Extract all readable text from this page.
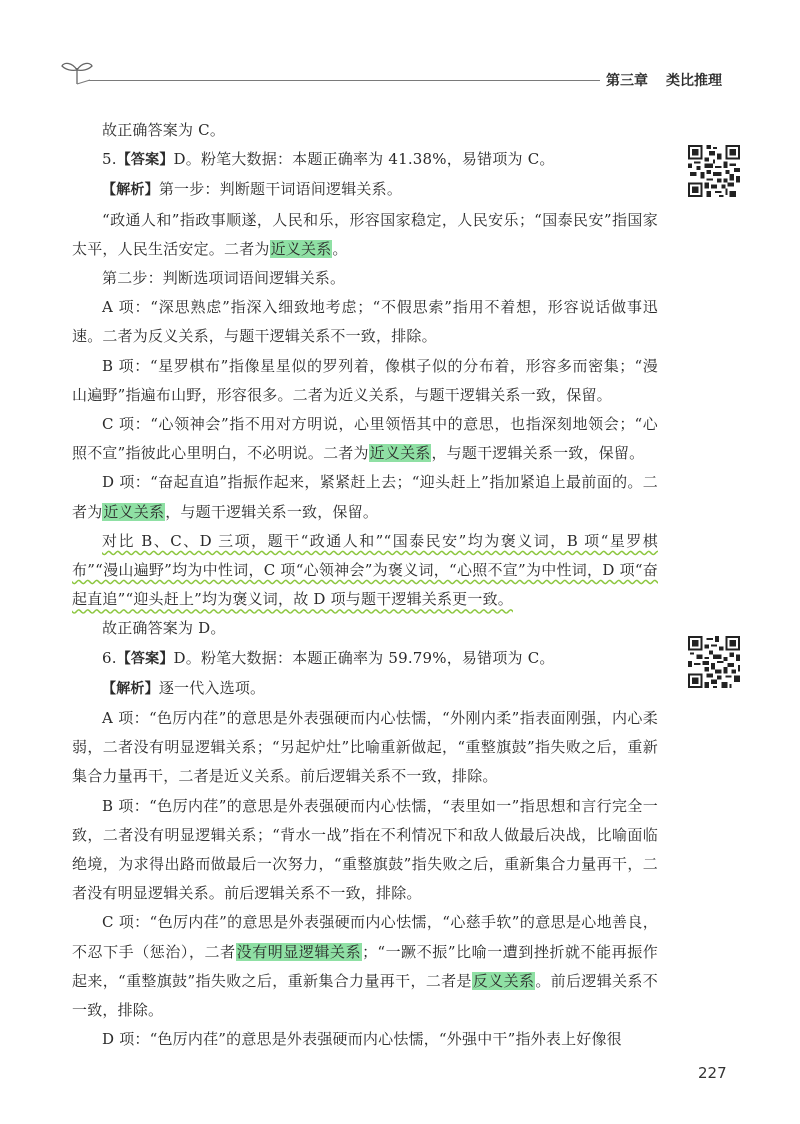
第三章 类比推理

故正确答案为 C。

5.【答案】D。粉笔大数据：本题正确率为 41.38%，易错项为 C。

【解析】第一步：判断题干词语间逻辑关系。

“政通人和”指政事顺遂，人民和乐，形容国家稳定，人民安乐；“国泰民安”指国家太平，人民生活安定。二者为近义关系。

第二步：判断选项词语间逻辑关系。

A 项：“深思熟虑”指深入细致地考虑；“不假思索”指用不着想，形容说话做事迅速。二者为反义关系，与题干逻辑关系不一致，排除。

B 项：“星罗棋布”指像星星似的罗列着，像棋子似的分布着，形容多而密集；“漫山遍野”指遍布山野，形容很多。二者为近义关系，与题干逻辑关系一致，保留。

C 项：“心领神会”指不用对方明说，心里领悟其中的意思，也指深刻地领会；“心照不宣”指彼此心里明白，不必明说。二者为近义关系，与题干逻辑关系一致，保留。

D 项：“奋起直追”指振作起来，紧紧赶上去；“迎头赶上”指加紧追上最前面的。二者为近义关系，与题干逻辑关系一致，保留。

对比 B、C、D 三项，题干“政通人和”“国泰民安”均为褒义词，B 项“星罗棋布”“漫山遍野”均为中性词，C 项“心领神会”为褒义词，“心照不宣”为中性词，D 项“奋起直追”“迎头赶上”均为褒义词，故 D 项与题干逻辑关系更一致。

故正确答案为 D。

6.【答案】D。粉笔大数据：本题正确率为 59.79%，易错项为 C。

【解析】逐一代入选项。

A 项：“色厉内荏”的意思是外表强硬而内心怯懦，“外刚内柔”指表面刚强，内心柔弱，二者没有明显逻辑关系；“另起炉灶”比喻重新做起，“重整旗鼓”指失败之后，重新集合力量再干，二者是近义关系。前后逻辑关系不一致，排除。

B 项：“色厉内荏”的意思是外表强硬而内心怯懦，“表里如一”指思想和言行完全一致，二者没有明显逻辑关系；“背水一战”指在不利情况下和敌人做最后决战，比喻面临绝境，为求得出路而做最后一次努力，“重整旗鼓”指失败之后，重新集合力量再干，二者没有明显逻辑关系。前后逻辑关系不一致，排除。

C 项：“色厉内荏”的意思是外表强硬而内心怯懦，“心慈手软”的意思是心地善良，不忍下手（惩治），二者没有明显逻辑关系；“一蹶不振”比喻一遭到挫折就不能再振作起来，“重整旗鼓”指失败之后，重新集合力量再干，二者是反义关系。前后逻辑关系不一致，排除。

D 项：“色厉内荏”的意思是外表强硬而内心怯懦，“外强中干”指外表上好像很

227
